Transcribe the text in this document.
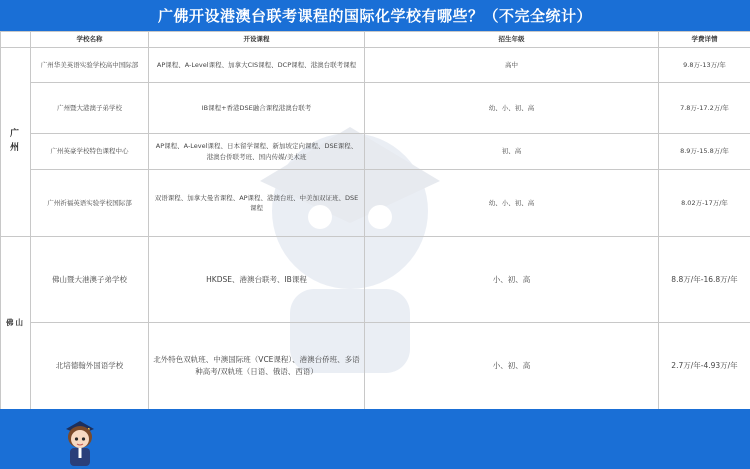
广佛开设港澳台联考课程的国际化学校有哪些？（不完全统计）
	学校名称	开设课程	招生年级	学费详情
广州	广州华美英语实验学校高中国际部	AP课程、A-Level课程、加拿大CIS课程、DCP课程、港澳台联考课程	高中	9.8万-13万/年
	广州暨大港澳子弟学校	IB课程+香港DSE融合课程港澳台联考	幼、小、初、高	7.8万-17.2万/年
	广州英豪学校特色课程中心	AP课程、A-Level课程、日本留学课程、新加坡定向课程、DSE课程、港澳台侨联考班、国内传媒/美术班	初、高	8.9万-15.8万/年
	广州祈福英语实验学校国际部	双语课程、加拿大曼省课程、AP课程、港澳台班、中美加双证班、DSE课程	幼、小、初、高	8.02万-17万/年
佛山	佛山暨大港澳子弟学校	HKDSE、港澳台联考、IB课程	小、初、高	8.8万/年-16.8万/年
	北培德翰外国语学校	北外特色双轨班、中澳国际班（VCE课程）、港澳台侨班、多语种高考/双轨班（日语、俄语、西语）	小、初、高	2.7万/年-4.93万/年
